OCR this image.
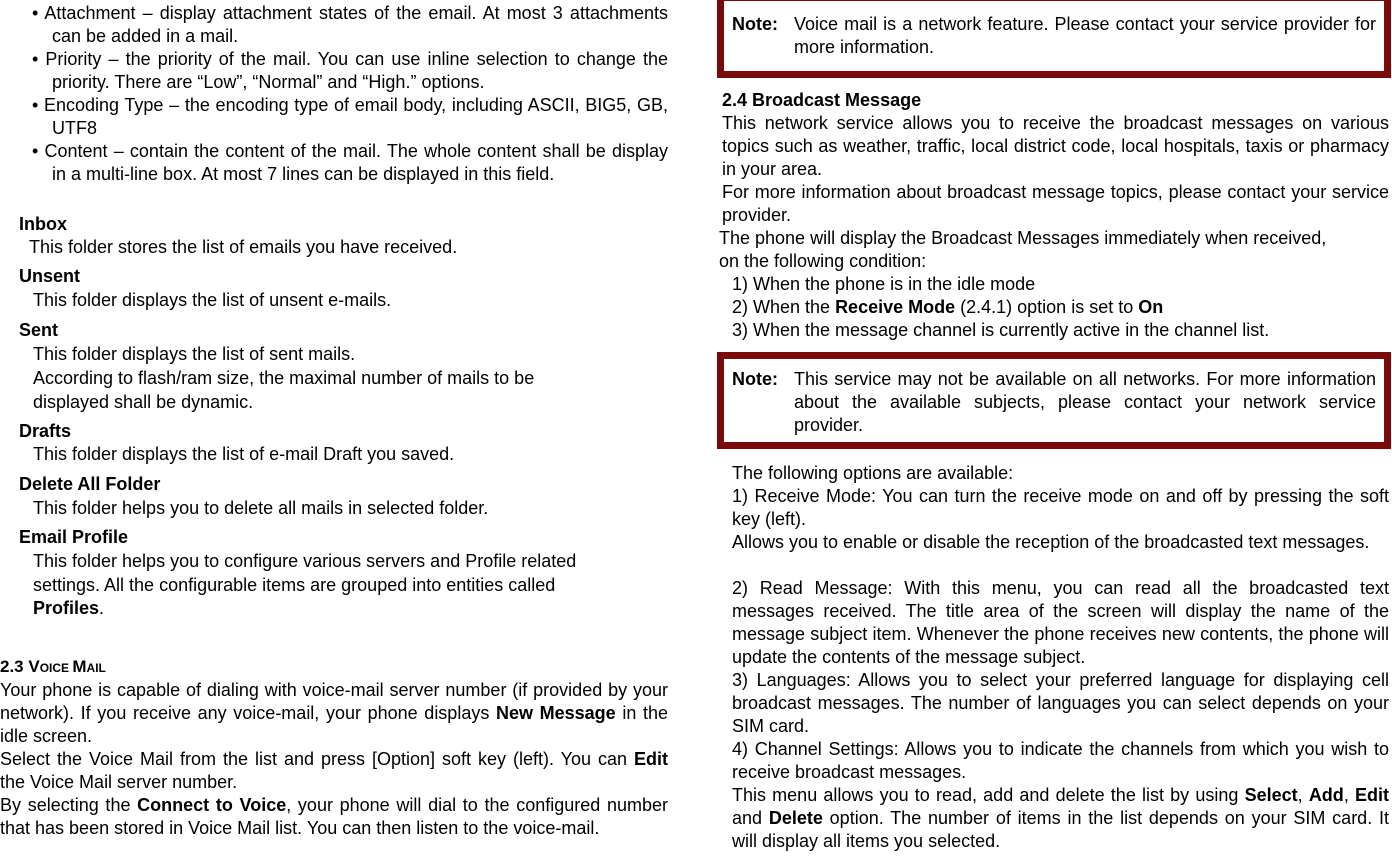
• Attachment – display attachment states of the email. At most 3 attachments can be added in a mail.
• Priority – the priority of the mail. You can use inline selection to change the priority. There are “Low”, “Normal” and “High.” options.
• Encoding Type – the encoding type of email body, including ASCII, BIG5, GB, UTF8
• Content – contain the content of the mail. The whole content shall be display in a multi-line box. At most 7 lines can be displayed in this field.
Inbox
This folder stores the list of emails you have received.
Unsent
This folder displays the list of unsent e-mails.
Sent
This folder displays the list of sent mails.
According to flash/ram size, the maximal number of mails to be
displayed shall be dynamic.
Drafts
This folder displays the list of e-mail Draft you saved.
Delete All Folder
This folder helps you to delete all mails in selected folder.
Email Profile
This folder helps you to configure various servers and Profile related
settings. All the configurable items are grouped into entities called
Profiles.
2.3 VOICE MAIL
Your phone is capable of dialing with voice-mail server number (if provided by your network). If you receive any voice-mail, your phone displays New Message in the idle screen.
Select the Voice Mail from the list and press [Option] soft key (left). You can Edit the Voice Mail server number.
By selecting the Connect to Voice, your phone will dial to the configured number that has been stored in Voice Mail list. You can then listen to the voice-mail.
Note: Voice mail is a network feature. Please contact your service provider for more information.
2.4 Broadcast Message
This network service allows you to receive the broadcast messages on various topics such as weather, traffic, local district code, local hospitals, taxis or pharmacy in your area.
For more information about broadcast message topics, please contact your service provider.
The phone will display the Broadcast Messages immediately when received, on the following condition:
1) When the phone is in the idle mode
2) When the Receive Mode (2.4.1) option is set to On
3) When the message channel is currently active in the channel list.
Note: This service may not be available on all networks. For more information about the available subjects, please contact your network service provider.
The following options are available:
1) Receive Mode: You can turn the receive mode on and off by pressing the soft key (left).
Allows you to enable or disable the reception of the broadcasted text messages.
2) Read Message: With this menu, you can read all the broadcasted text messages received. The title area of the screen will display the name of the message subject item. Whenever the phone receives new contents, the phone will update the contents of the message subject.
3) Languages: Allows you to select your preferred language for displaying cell broadcast messages. The number of languages you can select depends on your SIM card.
4) Channel Settings: Allows you to indicate the channels from which you wish to receive broadcast messages.
This menu allows you to read, add and delete the list by using Select, Add, Edit and Delete option. The number of items in the list depends on your SIM card. It will display all items you selected.
